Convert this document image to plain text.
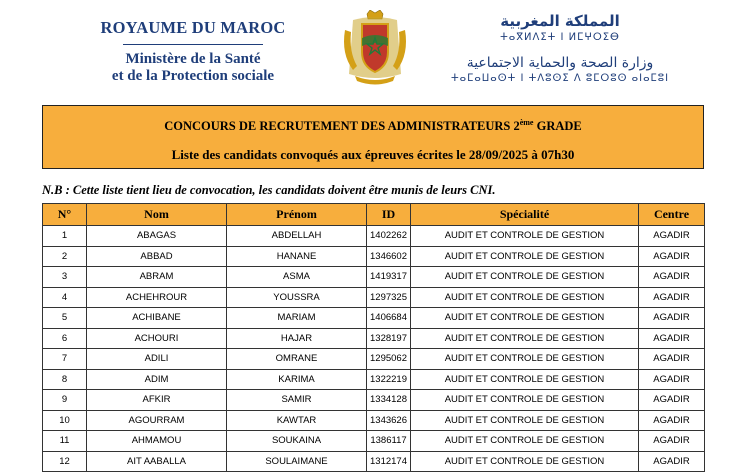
ROYAUME DU MAROC
Ministère de la Santé
et de la Protection sociale
المملكة المغربية
ⵜⴰⴳⵍⴷⵉⵜ ⵏ ⵍⵎⵖⵔⵉⴱ
وزارة الصحة والحماية الاجتماعية
ⵜⴰⵎⴰⵡⴰⵙⵜ ⵏ ⵜⴷⵓⵙⵉ ⴷ ⵓⵎⵔⵓⵙ ⴰⵏⴰⵎⵓⵏ
CONCOURS DE RECRUTEMENT DES ADMINISTRATEURS 2ème GRADE
Liste des candidats convoqués aux épreuves écrites le 28/09/2025 à 07h30
N.B : Cette liste tient lieu de convocation, les candidats doivent être munis de leurs CNI.
N°	Nom	Prénom	ID	Spécialité	Centre
1	ABAGAS	ABDELLAH	1402262	AUDIT ET CONTROLE DE GESTION	AGADIR
2	ABBAD	HANANE	1346602	AUDIT ET CONTROLE DE GESTION	AGADIR
3	ABRAM	ASMA	1419317	AUDIT ET CONTROLE DE GESTION	AGADIR
4	ACHEHROUR	YOUSSRA	1297325	AUDIT ET CONTROLE DE GESTION	AGADIR
5	ACHIBANE	MARIAM	1406684	AUDIT ET CONTROLE DE GESTION	AGADIR
6	ACHOURI	HAJAR	1328197	AUDIT ET CONTROLE DE GESTION	AGADIR
7	ADILI	OMRANE	1295062	AUDIT ET CONTROLE DE GESTION	AGADIR
8	ADIM	KARIMA	1322219	AUDIT ET CONTROLE DE GESTION	AGADIR
9	AFKIR	SAMIR	1334128	AUDIT ET CONTROLE DE GESTION	AGADIR
10	AGOURRAM	KAWTAR	1343626	AUDIT ET CONTROLE DE GESTION	AGADIR
11	AHMAMOU	SOUKAINA	1386117	AUDIT ET CONTROLE DE GESTION	AGADIR
12	AIT AABALLA	SOULAIMANE	1312174	AUDIT ET CONTROLE DE GESTION	AGADIR
